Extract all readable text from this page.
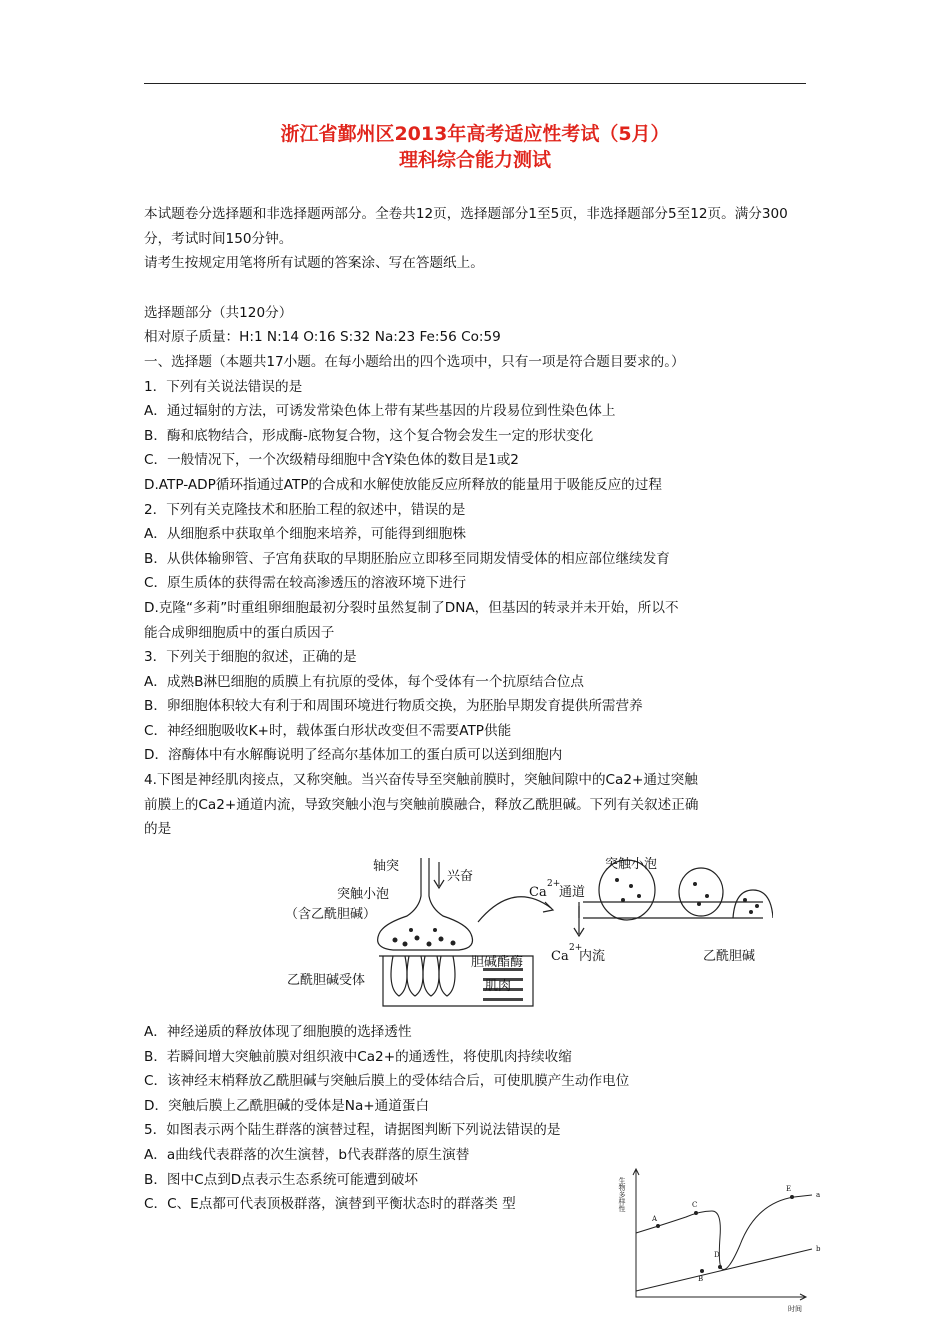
浙江省鄞州区2013年高考适应性考试（5月）
理科综合能力测试

本试题卷分选择题和非选择题两部分。全卷共12页，选择题部分1至5页，非选择题部分5至12页。满分300分，考试时间150分钟。

请考生按规定用笔将所有试题的答案涂、写在答题纸上。

选择题部分（共120分）

相对原子质量：H:1 N:14 O:16 S:32 Na:23 Fe:56 Co:59

一、选择题（本题共17小题。在每小题给出的四个选项中，只有一项是符合题目要求的。）

1．下列有关说法错误的是

A．通过辐射的方法，可诱发常染色体上带有某些基因的片段易位到性染色体上

B．酶和底物结合，形成酶-底物复合物，这个复合物会发生一定的形状变化

C．一般情况下，一个次级精母细胞中含Y染色体的数目是1或2

D.ATP-ADP循环指通过ATP的合成和水解使放能反应所释放的能量用于吸能反应的过程

2．下列有关克隆技术和胚胎工程的叙述中，错误的是

A．从细胞系中获取单个细胞来培养，可能得到细胞株

B．从供体输卵管、子宫角获取的早期胚胎应立即移至同期发情受体的相应部位继续发育

C．原生质体的获得需在较高渗透压的溶液环境下进行

D.克隆“多莉”时重组卵细胞最初分裂时虽然复制了DNA，但基因的转录并未开始，所以不

能合成卵细胞质中的蛋白质因子

3．下列关于细胞的叙述，正确的是

A．成熟B淋巴细胞的质膜上有抗原的受体，每个受体有一个抗原结合位点

B．卵细胞体积较大有利于和周围环境进行物质交换，为胚胎早期发育提供所需营养

C．神经细胞吸收K+时，载体蛋白形状改变但不需要ATP供能

D．溶酶体中有水解酶说明了经高尔基体加工的蛋白质可以送到细胞内

4.下图是神经肌肉接点，又称突触。当兴奋传导至突触前膜时，突触间隙中的Ca2+通过突触

前膜上的Ca2+通道内流，导致突触小泡与突触前膜融合，释放乙酰胆碱。下列有关叙述正确

的是

轴突
兴奋
突触小泡
（含乙酰胆碱）
Ca
2+
通道
Ca
2+
内流
突触小泡
胆碱酯酶
乙酰胆碱受体	肌肉
乙酰胆碱

A．神经递质的释放体现了细胞膜的选择透性

B．若瞬间增大突触前膜对组织液中Ca2+的通透性，将使肌肉持续收缩

C．该神经末梢释放乙酰胆碱与突触后膜上的受体结合后，可使肌膜产生动作电位

D．突触后膜上乙酰胆碱的受体是Na+通道蛋白

5．如图表示两个陆生群落的演替过程，请据图判断下列说法错误的是

A．a曲线代表群落的次生演替，b代表群落的原生演替

B．图中C点到D点表示生态系统可能遭到破坏

C．C、E点都可代表顶极群落，演替到平衡状态时的群落类 型

A
C
D
B
E
a
b
时间
生物多样性
